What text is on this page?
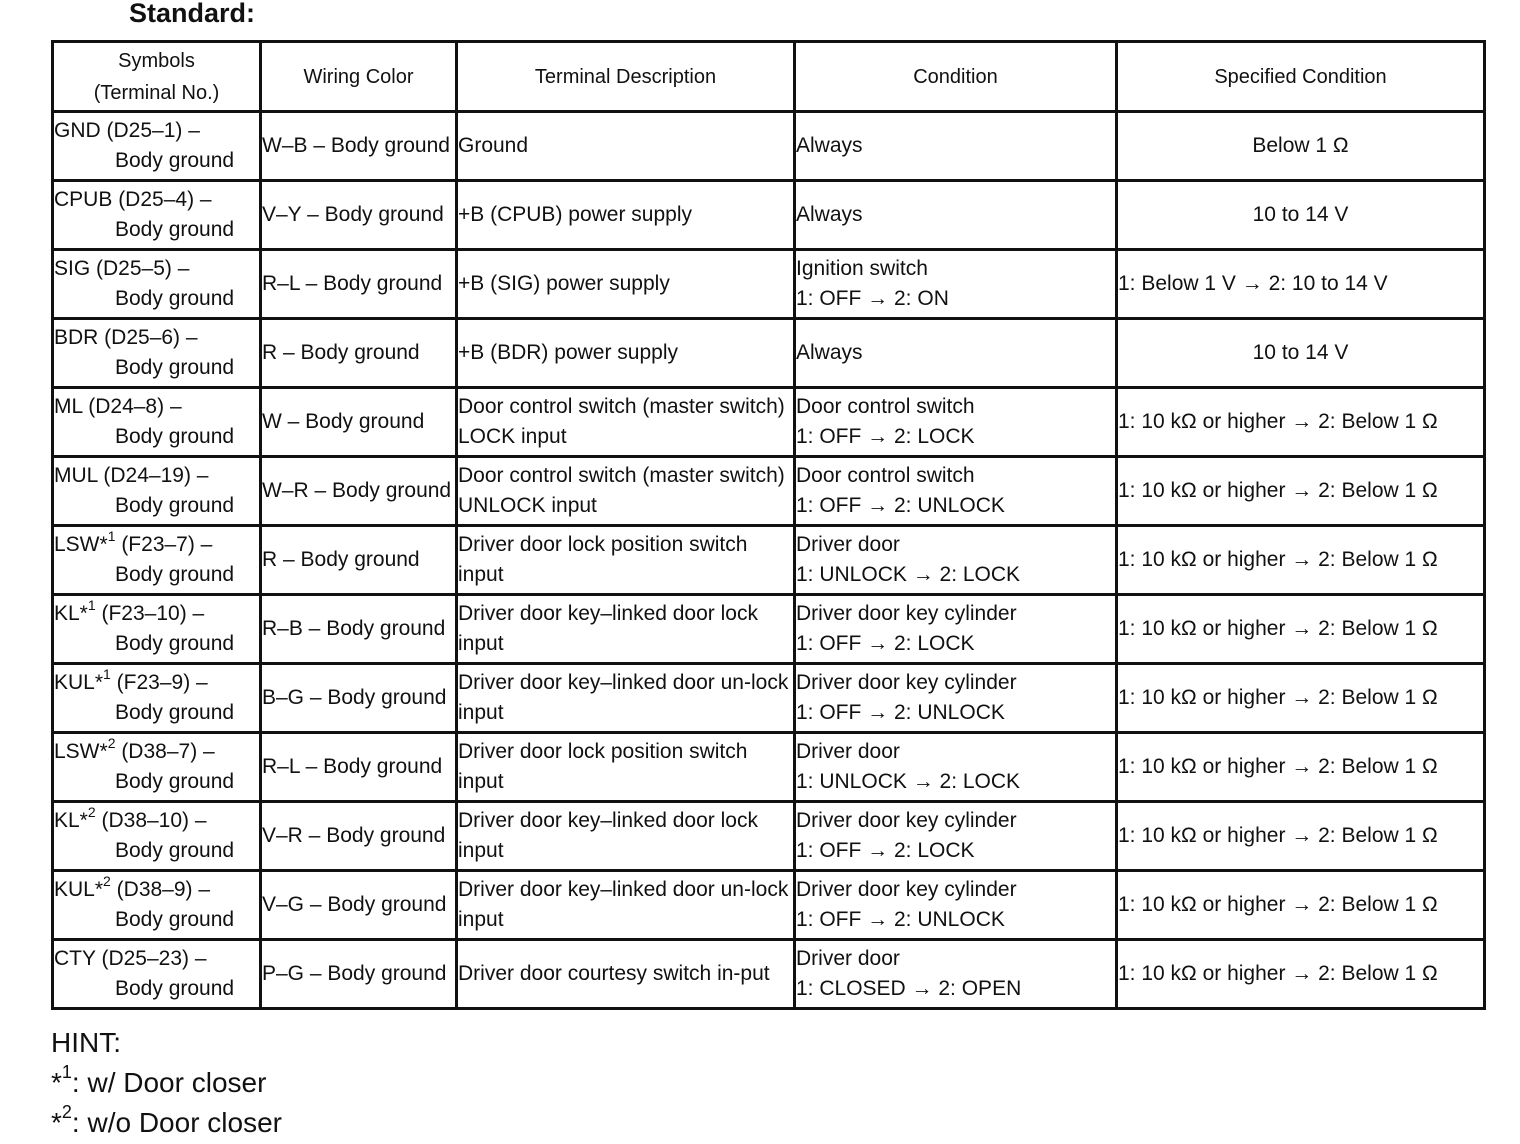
Standard:
Symbols
(Terminal No.)	Wiring Color	Terminal Description	Condition	Specified Condition

GND (D25–1) –
Body ground	W–B – Body ground	Ground	Always	Below 1 Ω

CPUB (D25–4) –
Body ground	V–Y – Body ground	+B (CPUB) power supply	Always	10 to 14 V

SIG (D25–5) –
Body ground	R–L – Body ground	+B (SIG) power supply	Ignition switch
1: OFF → 2: ON	1: Below 1 V → 2: 10 to 14 V

BDR (D25–6) –
Body ground	R – Body ground	+B (BDR) power supply	Always	10 to 14 V

ML (D24–8) –
Body ground	W – Body ground	Door control switch (master switch) LOCK input	Door control switch
1: OFF → 2: LOCK	1: 10 kΩ or higher → 2: Below 1 Ω

MUL (D24–19) –
Body ground	W–R – Body ground	Door control switch (master switch) UNLOCK input	Door control switch
1: OFF → 2: UNLOCK	1: 10 kΩ or higher → 2: Below 1 Ω

LSW*$^1$ (F23–7) –
Body ground	R – Body ground	Driver door lock position switch input	Driver door
1: UNLOCK → 2: LOCK	1: 10 kΩ or higher → 2: Below 1 Ω

KL*$^1$ (F23–10) –
Body ground	R–B – Body ground	Driver door key–linked door lock input	Driver door key cylinder
1: OFF → 2: LOCK	1: 10 kΩ or higher → 2: Below 1 Ω

KUL*$^1$ (F23–9) –
Body ground	B–G – Body ground	Driver door key–linked door un-lock input	Driver door key cylinder
1: OFF → 2: UNLOCK	1: 10 kΩ or higher → 2: Below 1 Ω

LSW*$^2$ (D38–7) –
Body ground	R–L – Body ground	Driver door lock position switch input	Driver door
1: UNLOCK → 2: LOCK	1: 10 kΩ or higher → 2: Below 1 Ω

KL*$^2$ (D38–10) –
Body ground	V–R – Body ground	Driver door key–linked door lock input	Driver door key cylinder
1: OFF → 2: LOCK	1: 10 kΩ or higher → 2: Below 1 Ω

KUL*$^2$ (D38–9) –
Body ground	V–G – Body ground	Driver door key–linked door un-lock input	Driver door key cylinder
1: OFF → 2: UNLOCK	1: 10 kΩ or higher → 2: Below 1 Ω

CTY (D25–23) –
Body ground	P–G – Body ground	Driver door courtesy switch in-put	Driver door
1: CLOSED → 2: OPEN	1: 10 kΩ or higher → 2: Below 1 Ω
HINT:
*$^1$: w/ Door closer
*$^2$: w/o Door closer
